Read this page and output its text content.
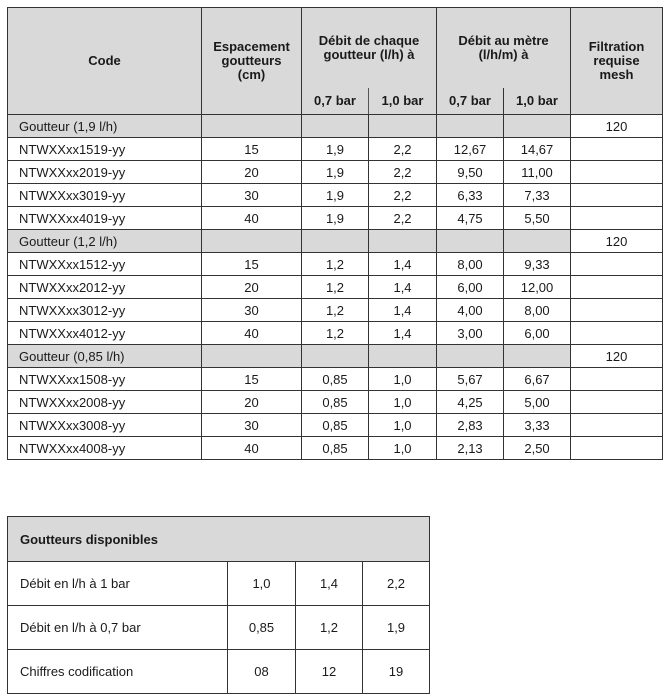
Code	Espacement goutteurs (cm)	Débit de chaque goutteur (l/h) à		Débit au mètre (l/h/m) à		Filtration requise mesh
		0,7 bar	1,0 bar	0,7 bar	1,0 bar	
Goutteur (1,9 l/h)						120
NTWXXxx1519-yy	15	1,9	2,2	12,67	14,67	
NTWXXxx2019-yy	20	1,9	2,2	9,50	11,00	
NTWXXxx3019-yy	30	1,9	2,2	6,33	7,33	
NTWXXxx4019-yy	40	1,9	2,2	4,75	5,50	
Goutteur (1,2 l/h)						120
NTWXXxx1512-yy	15	1,2	1,4	8,00	9,33	
NTWXXxx2012-yy	20	1,2	1,4	6,00	12,00	
NTWXXxx3012-yy	30	1,2	1,4	4,00	8,00	
NTWXXxx4012-yy	40	1,2	1,4	3,00	6,00	
Goutteur (0,85 l/h)						120
NTWXXxx1508-yy	15	0,85	1,0	5,67	6,67	
NTWXXxx2008-yy	20	0,85	1,0	4,25	5,00	
NTWXXxx3008-yy	30	0,85	1,0	2,83	3,33	
NTWXXxx4008-yy	40	0,85	1,0	2,13	2,50	
Goutteurs disponibles			
Débit en l/h à 1 bar	1,0	1,4	2,2
Débit en l/h à 0,7 bar	0,85	1,2	1,9
Chiffres codification	08	12	19
